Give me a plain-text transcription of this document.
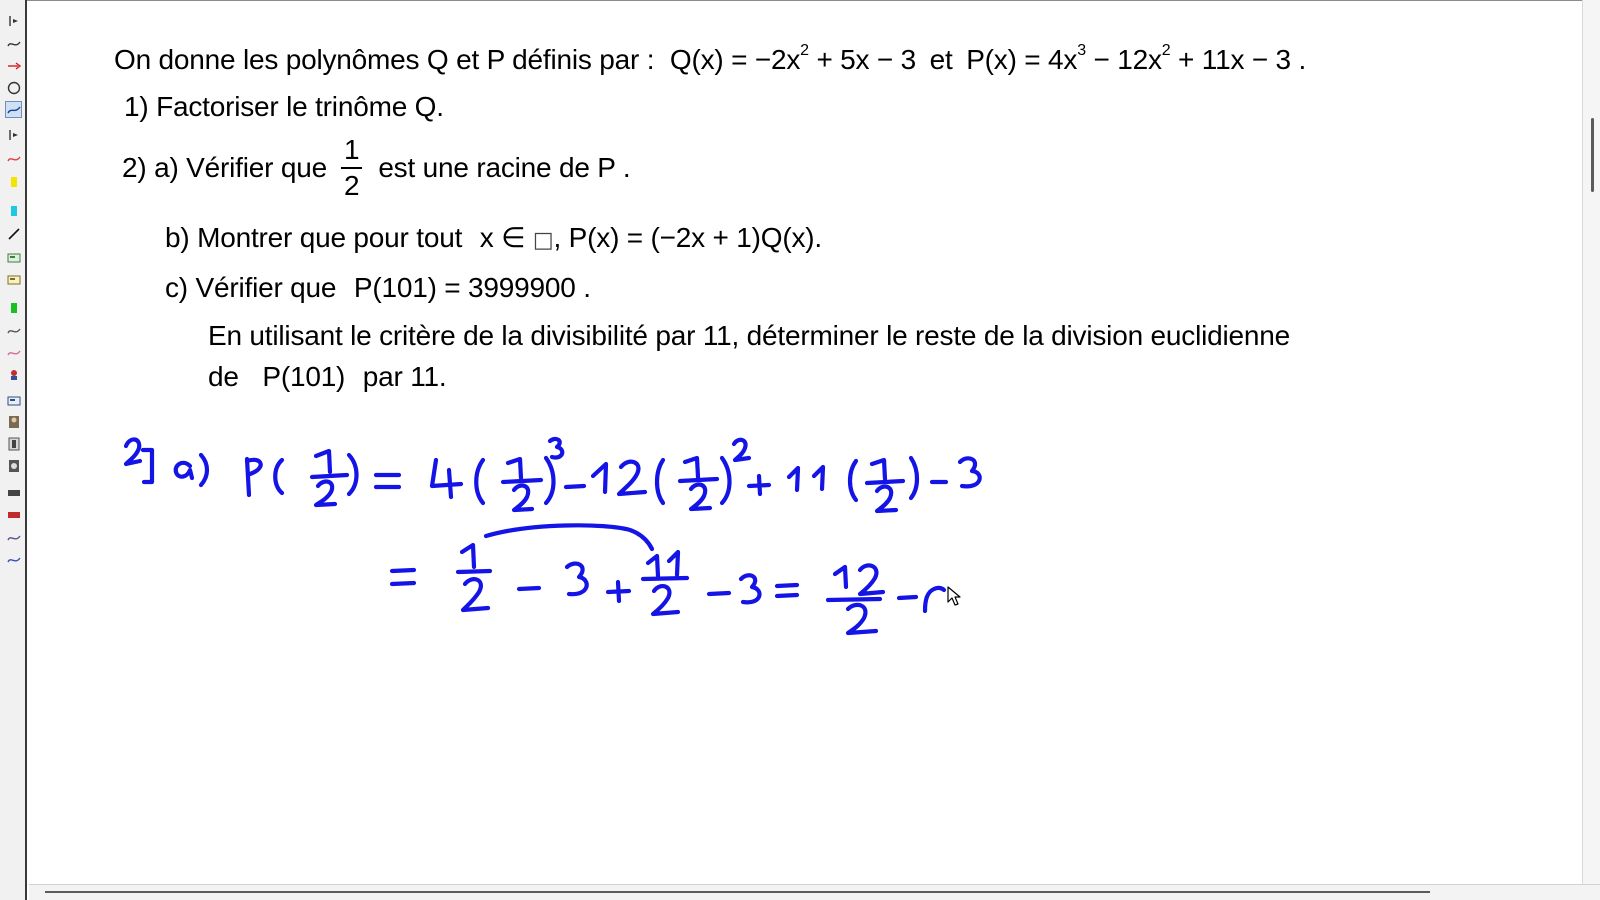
On donne les polynômes Q et P définis par : $Q(x) = -2x^2 + 5x - 3$ et $P(x) = 4x^3 - 12x^2 + 11x - 3$ .
1) Factoriser le trinôme Q.
2) a) Vérifier que $\frac{1}{2}$ est une racine de P .
b) Montrer que pour tout x ∈ □, P(x) = (−2x + 1)Q(x).
c) Vérifier que P(101) = 3999900 .
En utilisant le critère de la divisibilité par 11, déterminer le reste de la division euclidienne
de P(101) par 11.
